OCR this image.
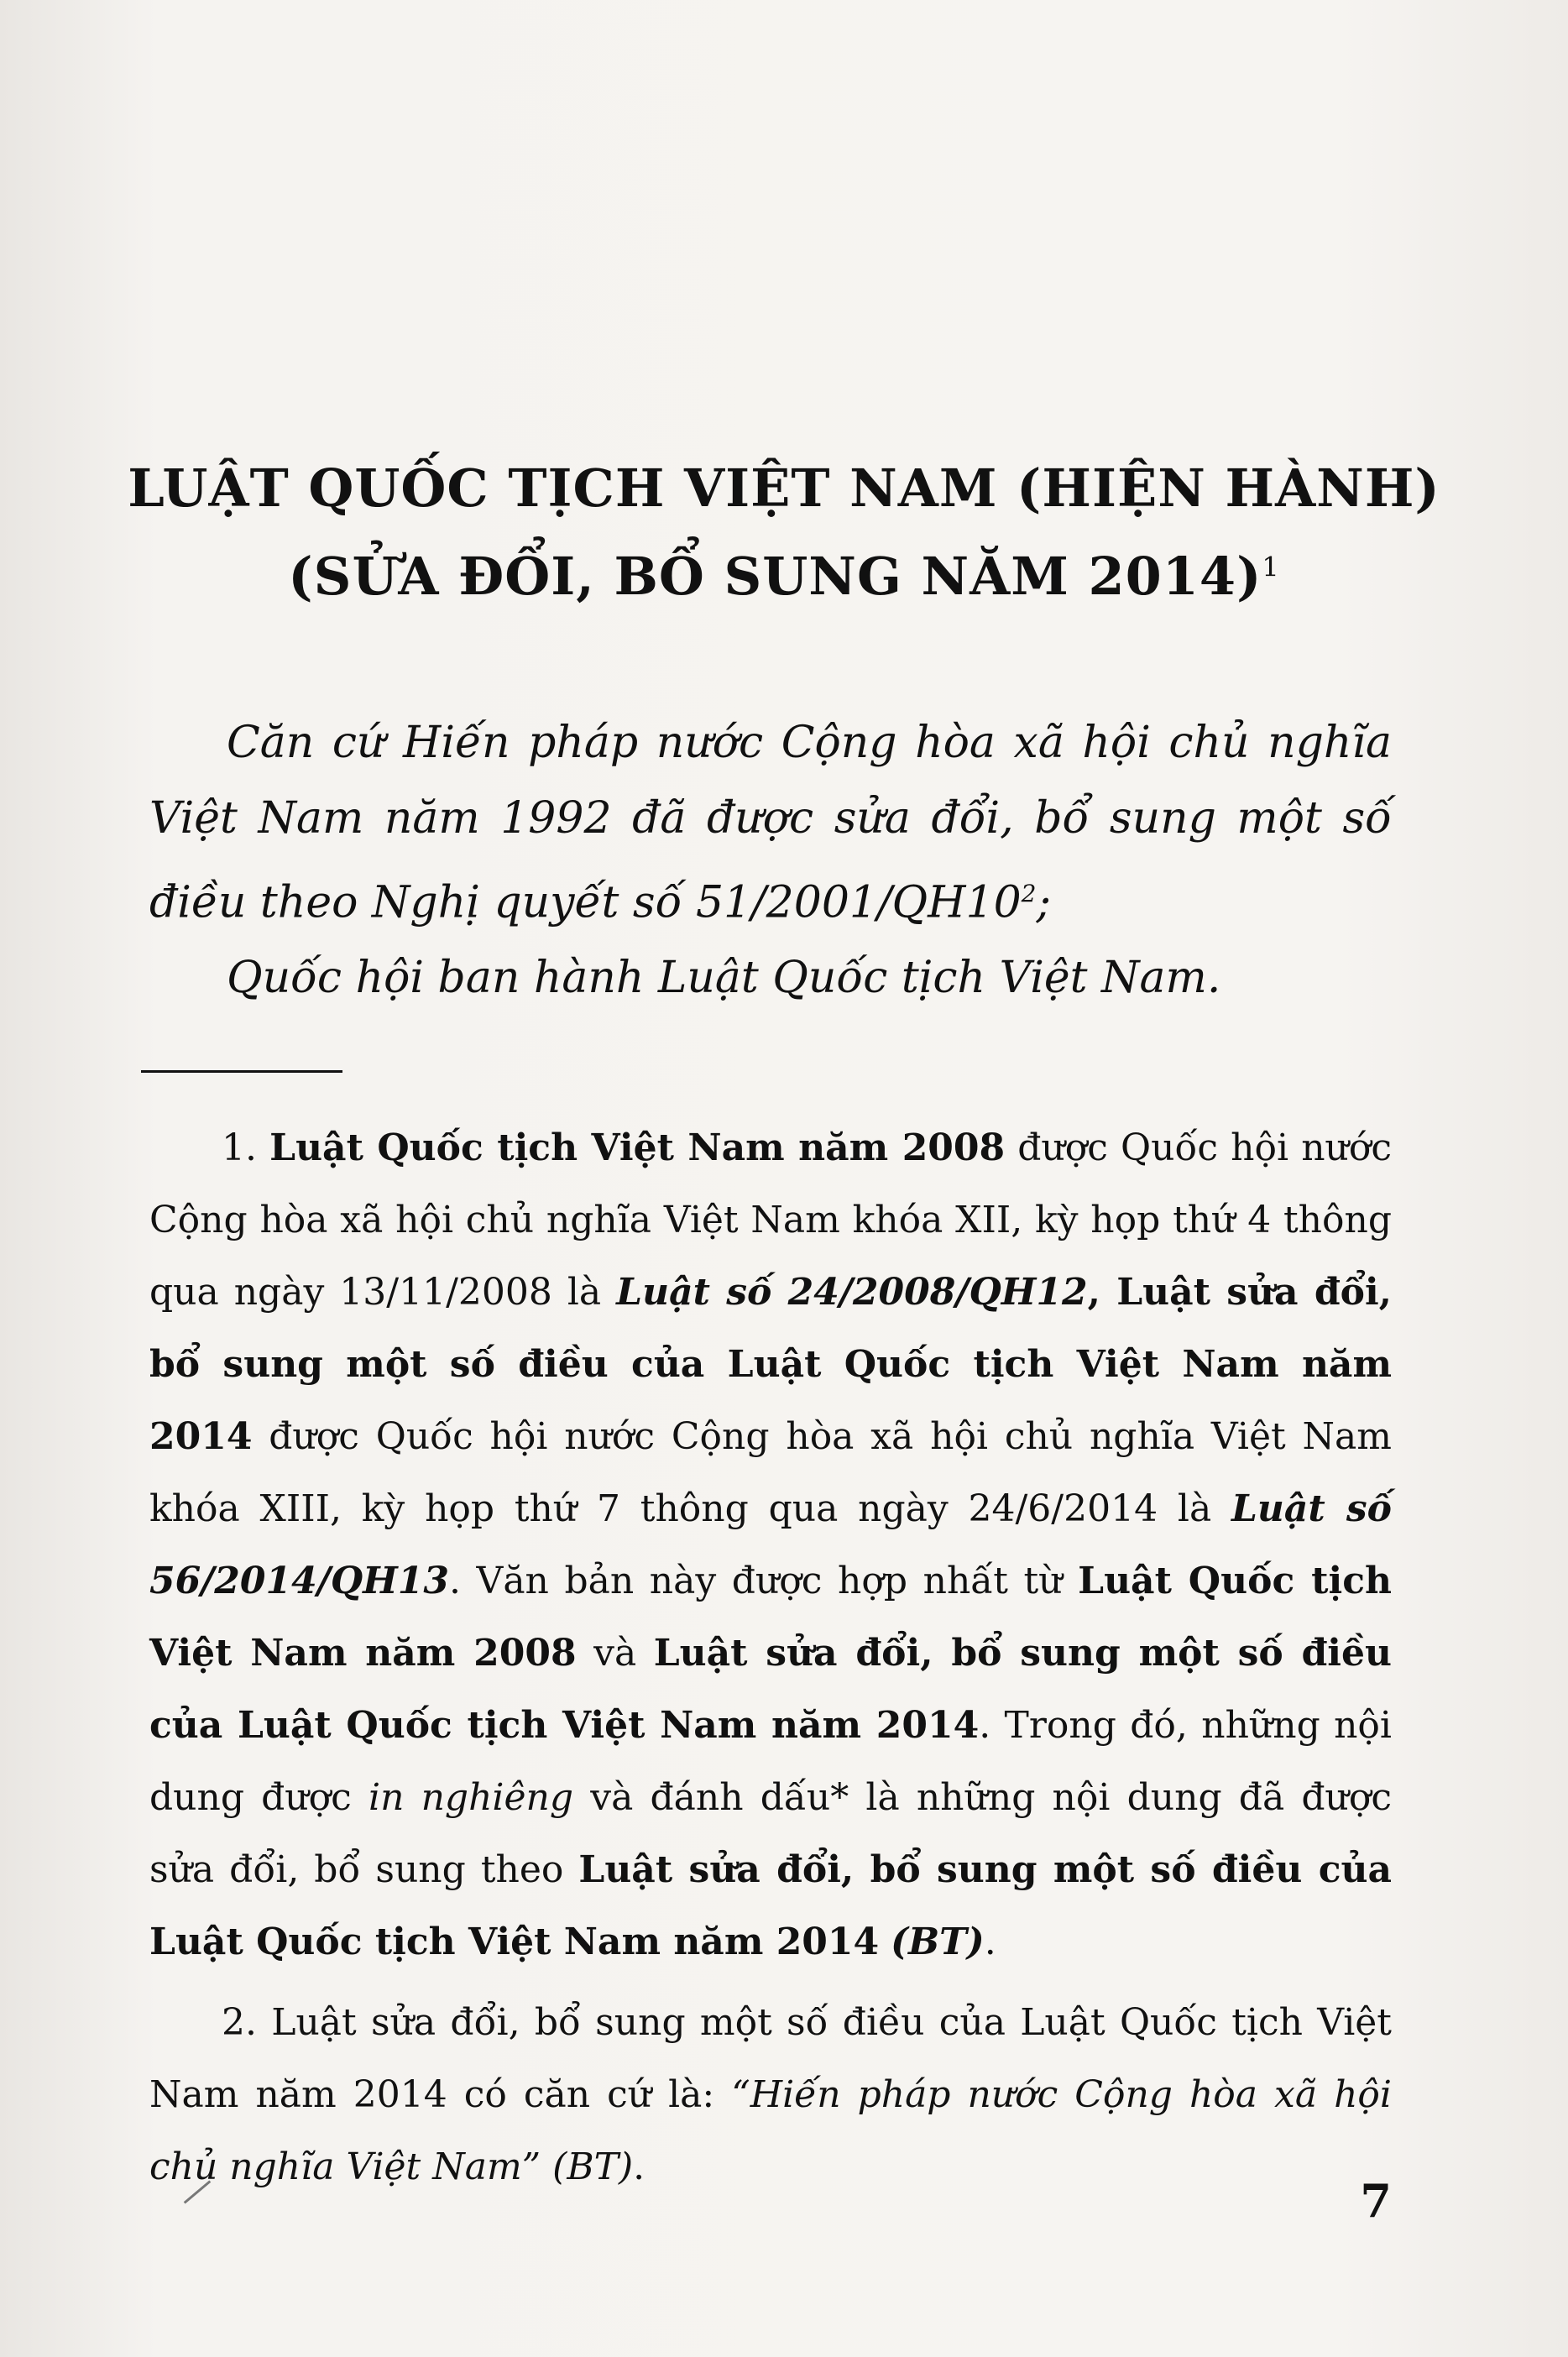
LUẬT QUỐC TỊCH VIỆT NAM (HIỆN HÀNH)
(SỬA ĐỔI, BỔ SUNG NĂM 2014)$^1$

Căn cứ Hiến pháp nước Cộng hòa xã hội chủ nghĩa Việt Nam năm 1992 đã được sửa đổi, bổ sung một số điều theo Nghị quyết số $51/2001/QH10^2$;

Quốc hội ban hành Luật Quốc tịch Việt Nam.

1. Luật Quốc tịch Việt Nam năm 2008 được Quốc hội nước Cộng hòa xã hội chủ nghĩa Việt Nam khóa XII, kỳ họp thứ 4 thông qua ngày 13/11/2008 là Luật số 24/2008/QH12, Luật sửa đổi, bổ sung một số điều của Luật Quốc tịch Việt Nam năm 2014 được Quốc hội nước Cộng hòa xã hội chủ nghĩa Việt Nam khóa XIII, kỳ họp thứ 7 thông qua ngày 24/6/2014 là Luật số 56/2014/QH13. Văn bản này được hợp nhất từ Luật Quốc tịch Việt Nam năm 2008 và Luật sửa đổi, bổ sung một số điều của Luật Quốc tịch Việt Nam năm 2014. Trong đó, những nội dung được in nghiêng và đánh dấu* là những nội dung đã được sửa đổi, bổ sung theo Luật sửa đổi, bổ sung một số điều của Luật Quốc tịch Việt Nam năm 2014 (BT).

2. Luật sửa đổi, bổ sung một số điều của Luật Quốc tịch Việt Nam năm 2014 có căn cứ là: “Hiến pháp nước Cộng hòa xã hội chủ nghĩa Việt Nam” (BT).

7
